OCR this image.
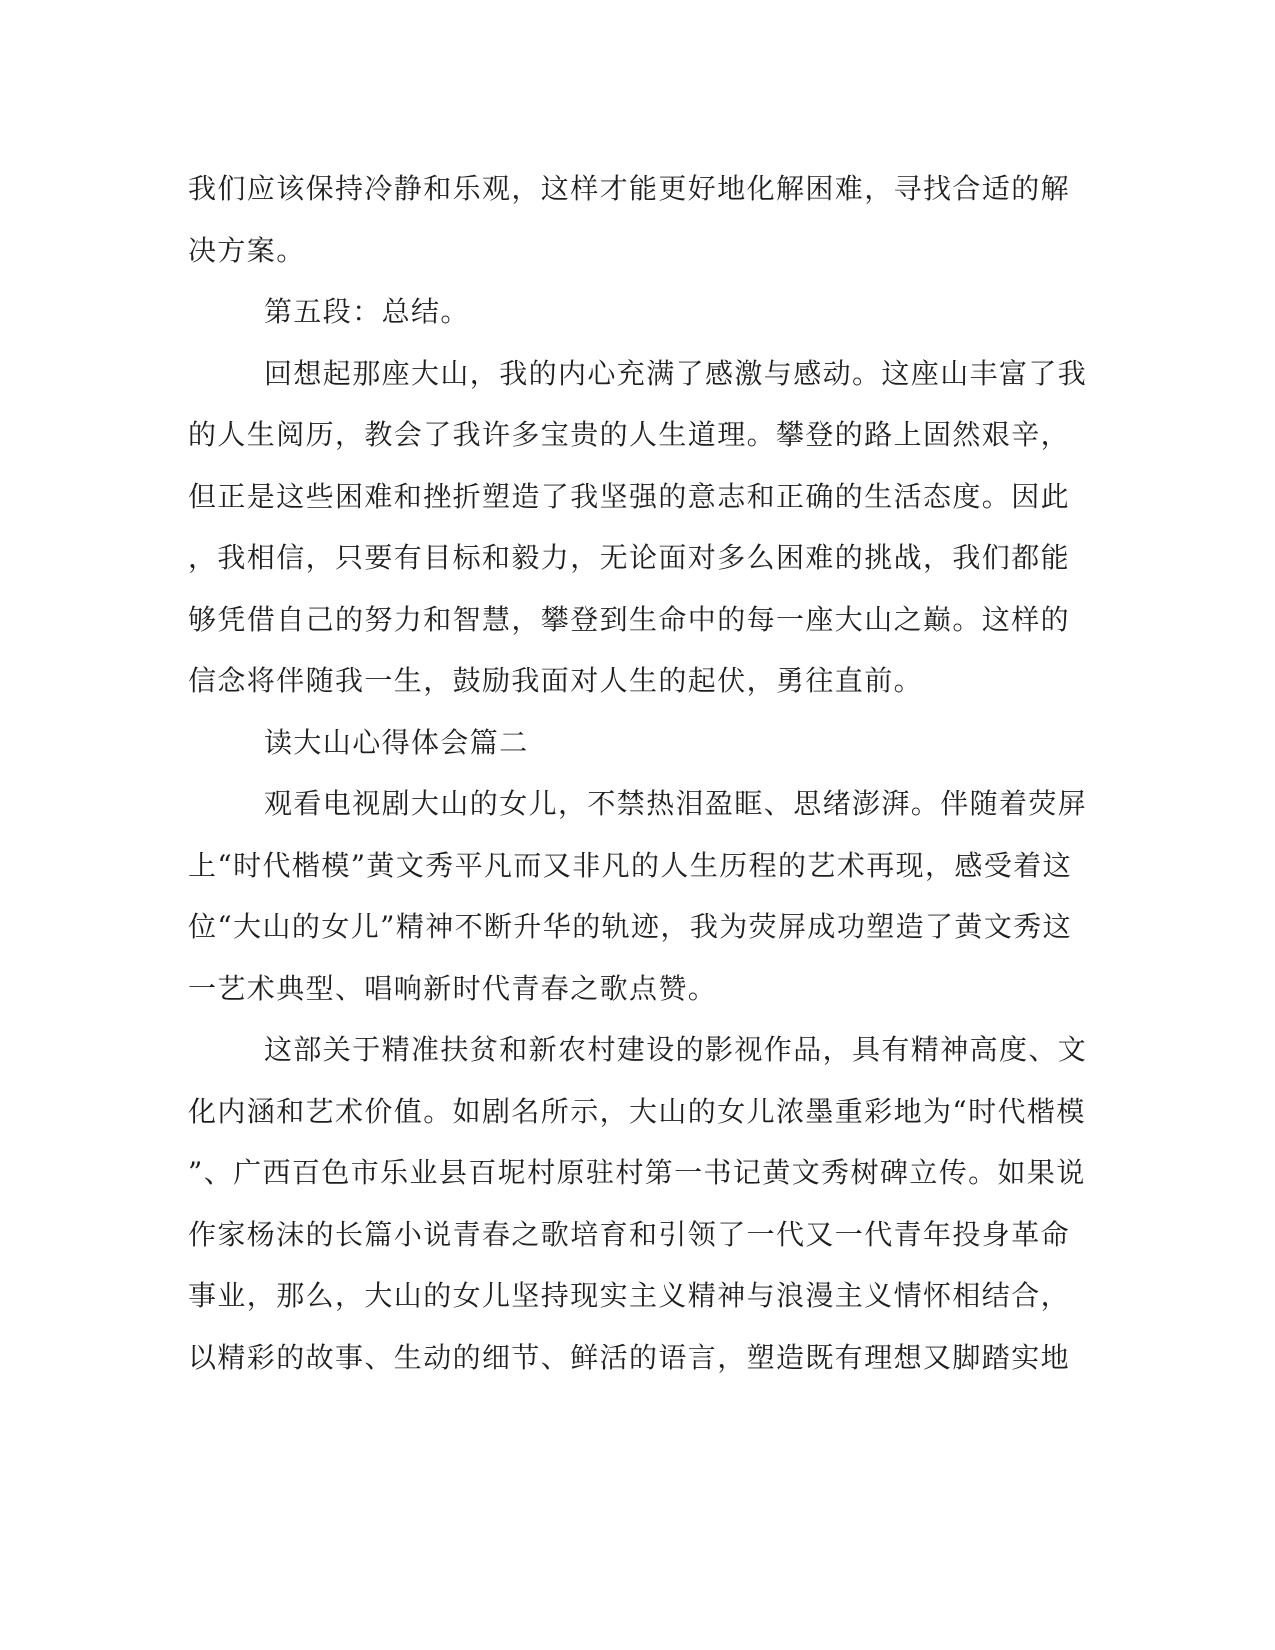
我们应该保持冷静和乐观，这样才能更好地化解困难，寻找合适的解
决方案。
第五段：总结。
回想起那座大山，我的内心充满了感激与感动。这座山丰富了我
的人生阅历，教会了我许多宝贵的人生道理。攀登的路上固然艰辛，
但正是这些困难和挫折塑造了我坚强的意志和正确的生活态度。因此
，我相信，只要有目标和毅力，无论面对多么困难的挑战，我们都能
够凭借自己的努力和智慧，攀登到生命中的每一座大山之巅。这样的
信念将伴随我一生，鼓励我面对人生的起伏，勇往直前。
读大山心得体会篇二
观看电视剧大山的女儿，不禁热泪盈眶、思绪澎湃。伴随着荧屏
上“时代楷模”黄文秀平凡而又非凡的人生历程的艺术再现，感受着这
位“大山的女儿”精神不断升华的轨迹，我为荧屏成功塑造了黄文秀这
一艺术典型、唱响新时代青春之歌点赞。
这部关于精准扶贫和新农村建设的影视作品，具有精神高度、文
化内涵和艺术价值。如剧名所示，大山的女儿浓墨重彩地为“时代楷模
”、广西百色市乐业县百坭村原驻村第一书记黄文秀树碑立传。如果说
作家杨沫的长篇小说青春之歌培育和引领了一代又一代青年投身革命
事业，那么，大山的女儿坚持现实主义精神与浪漫主义情怀相结合，
以精彩的故事、生动的细节、鲜活的语言，塑造既有理想又脚踏实地
